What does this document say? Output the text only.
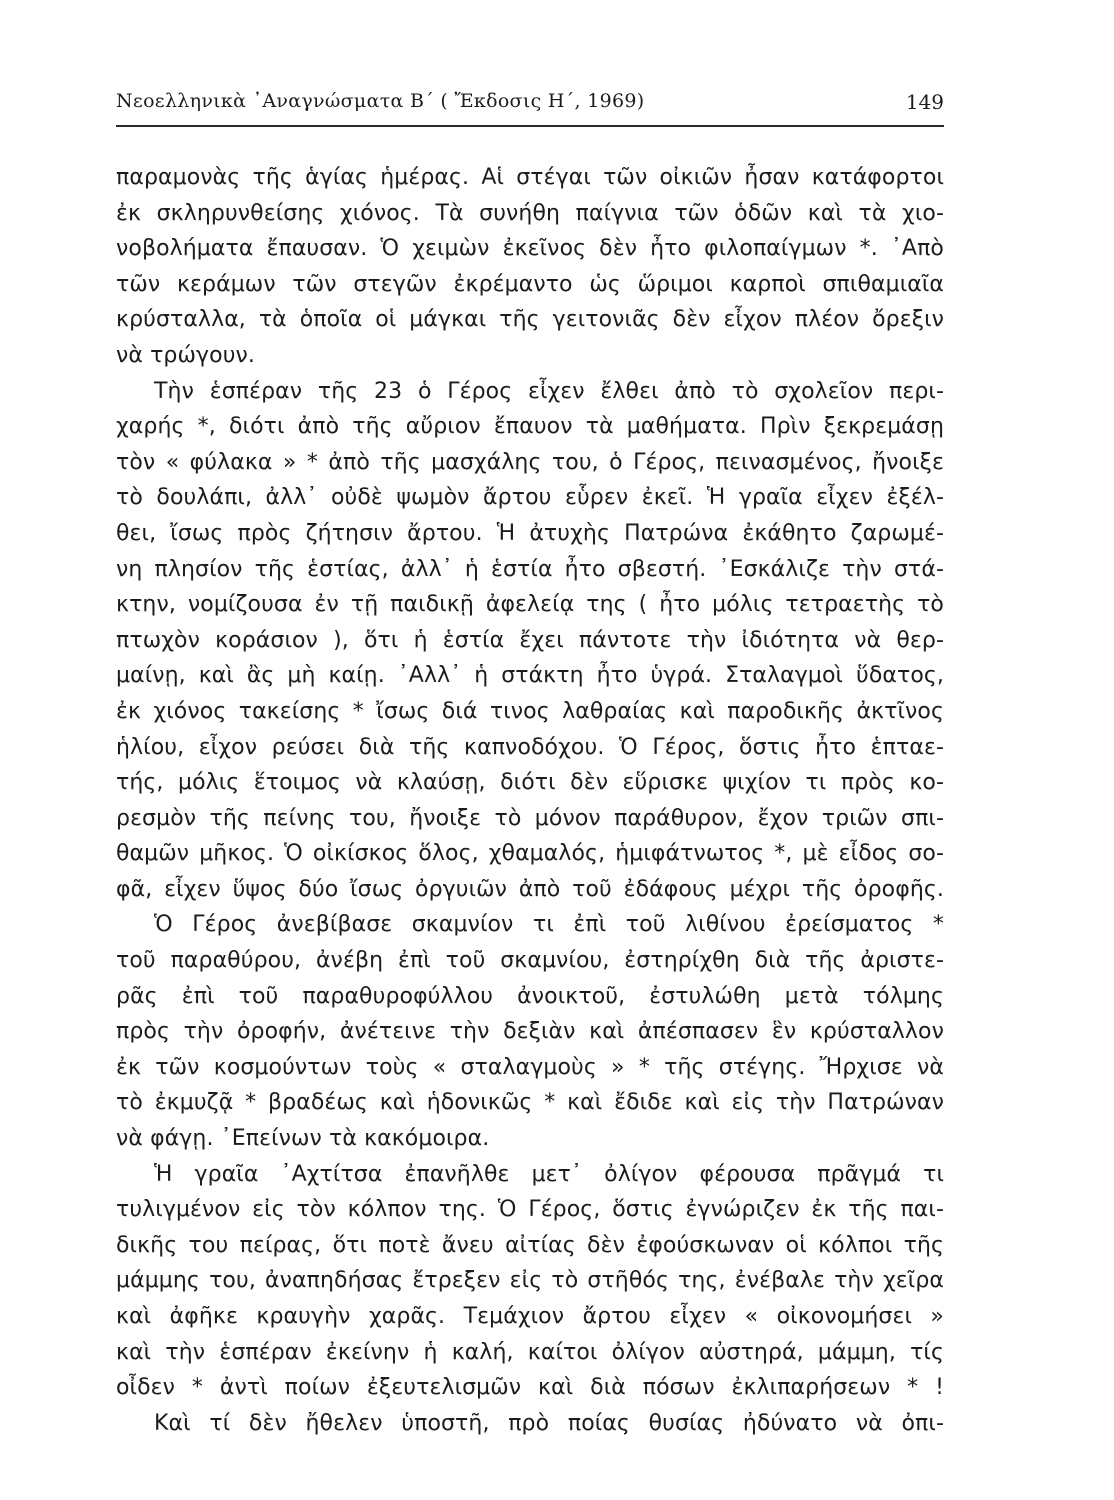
Νεοελληνικὰ ᾿Αναγνώσματα Β΄ ( Ἔκδοσις Η΄, 1969)	149
παραμονὰς τῆς ἁγίας ἡμέρας. Αἱ στέγαι τῶν οἰκιῶν ἦσαν κατάφορτοι
ἐκ σκληρυνθείσης χιόνος. Τὰ συνήθη παίγνια τῶν ὁδῶν καὶ τὰ χιο-
νοβολήματα ἔπαυσαν. Ὁ χειμὼν ἐκεῖνος δὲν ἦτο φιλοπαίγμων *. ᾿Απὸ
τῶν κεράμων τῶν στεγῶν ἐκρέμαντο ὡς ὥριμοι καρποὶ σπιθαμιαῖα
κρύσταλλα, τὰ ὁποῖα οἱ μάγκαι τῆς γειτονιᾶς δὲν εἶχον πλέον ὄρεξιν
νὰ τρώγουν.
Τὴν ἑσπέραν τῆς 23 ὁ Γέρος εἶχεν ἔλθει ἀπὸ τὸ σχολεῖον περι-
χαρής *, διότι ἀπὸ τῆς αὔριον ἔπαυον τὰ μαθήματα. Πρὶν ξεκρεμάσῃ
τὸν « φύλακα » * ἀπὸ τῆς μασχάλης του, ὁ Γέρος, πεινασμένος, ἤνοιξε
τὸ δουλάπι, ἀλλ᾿ οὐδὲ ψωμὸν ἄρτου εὗρεν ἐκεῖ. Ἡ γραῖα εἶχεν ἐξέλ-
θει, ἴσως πρὸς ζήτησιν ἄρτου. Ἡ ἀτυχὴς Πατρώνα ἐκάθητο ζαρωμέ-
νη πλησίον τῆς ἑστίας, ἀλλ᾿ ἡ ἑστία ἦτο σβεστή. ᾿Εσκάλιζε τὴν στά-
κτην, νομίζουσα ἐν τῇ παιδικῇ ἀφελείᾳ της ( ἦτο μόλις τετραετὴς τὸ
πτωχὸν κοράσιον ), ὅτι ἡ ἑστία ἔχει πάντοτε τὴν ἰδιότητα νὰ θερ-
μαίνῃ, καὶ ἂς μὴ καίῃ. ᾿Αλλ᾿ ἡ στάκτη ἦτο ὑγρά. Σταλαγμοὶ ὕδατος,
ἐκ χιόνος τακείσης * ἴσως διά τινος λαθραίας καὶ παροδικῆς ἀκτῖνος
ἡλίου, εἶχον ρεύσει διὰ τῆς καπνοδόχου. Ὁ Γέρος, ὅστις ἦτο ἑπταε-
τής, μόλις ἕτοιμος νὰ κλαύσῃ, διότι δὲν εὕρισκε ψιχίον τι πρὸς κο-
ρεσμὸν τῆς πείνης του, ἤνοιξε τὸ μόνον παράθυρον, ἔχον τριῶν σπι-
θαμῶν μῆκος. Ὁ οἰκίσκος ὅλος, χθαμαλός, ἡμιφάτνωτος *, μὲ εἶδος σο-
φᾶ, εἶχεν ὕψος δύο ἴσως ὀργυιῶν ἀπὸ τοῦ ἐδάφους μέχρι τῆς ὀροφῆς.
Ὁ Γέρος ἀνεβίβασε σκαμνίον τι ἐπὶ τοῦ λιθίνου ἐρείσματος *
τοῦ παραθύρου, ἀνέβη ἐπὶ τοῦ σκαμνίου, ἐστηρίχθη διὰ τῆς ἀριστε-
ρᾶς ἐπὶ τοῦ παραθυροφύλλου ἀνοικτοῦ, ἐστυλώθη μετὰ τόλμης
πρὸς τὴν ὀροφήν, ἀνέτεινε τὴν δεξιὰν καὶ ἀπέσπασεν ἓν κρύσταλλον
ἐκ τῶν κοσμούντων τοὺς « σταλαγμοὺς » * τῆς στέγης. Ἤρχισε νὰ
τὸ ἐκμυζᾷ * βραδέως καὶ ἡδονικῶς * καὶ ἔδιδε καὶ εἰς τὴν Πατρώναν
νὰ φάγῃ. ᾿Επείνων τὰ κακόμοιρα.
Ἡ γραῖα ᾿Αχτίτσα ἐπανῆλθε μετ᾿ ὀλίγον φέρουσα πρᾶγμά τι
τυλιγμένον εἰς τὸν κόλπον της. Ὁ Γέρος, ὅστις ἐγνώριζεν ἐκ τῆς παι-
δικῆς του πείρας, ὅτι ποτὲ ἄνευ αἰτίας δὲν ἐφούσκωναν οἱ κόλποι τῆς
μάμμης του, ἀναπηδήσας ἔτρεξεν εἰς τὸ στῆθός της, ἐνέβαλε τὴν χεῖρα
καὶ ἀφῆκε κραυγὴν χαρᾶς. Τεμάχιον ἄρτου εἶχεν « οἰκονομήσει »
καὶ τὴν ἑσπέραν ἐκείνην ἡ καλή, καίτοι ὀλίγον αὐστηρά, μάμμη, τίς
οἶδεν * ἀντὶ ποίων ἐξευτελισμῶν καὶ διὰ πόσων ἐκλιπαρήσεων * !
Καὶ τί δὲν ἤθελεν ὑποστῆ, πρὸ ποίας θυσίας ἠδύνατο νὰ ὀπι-
